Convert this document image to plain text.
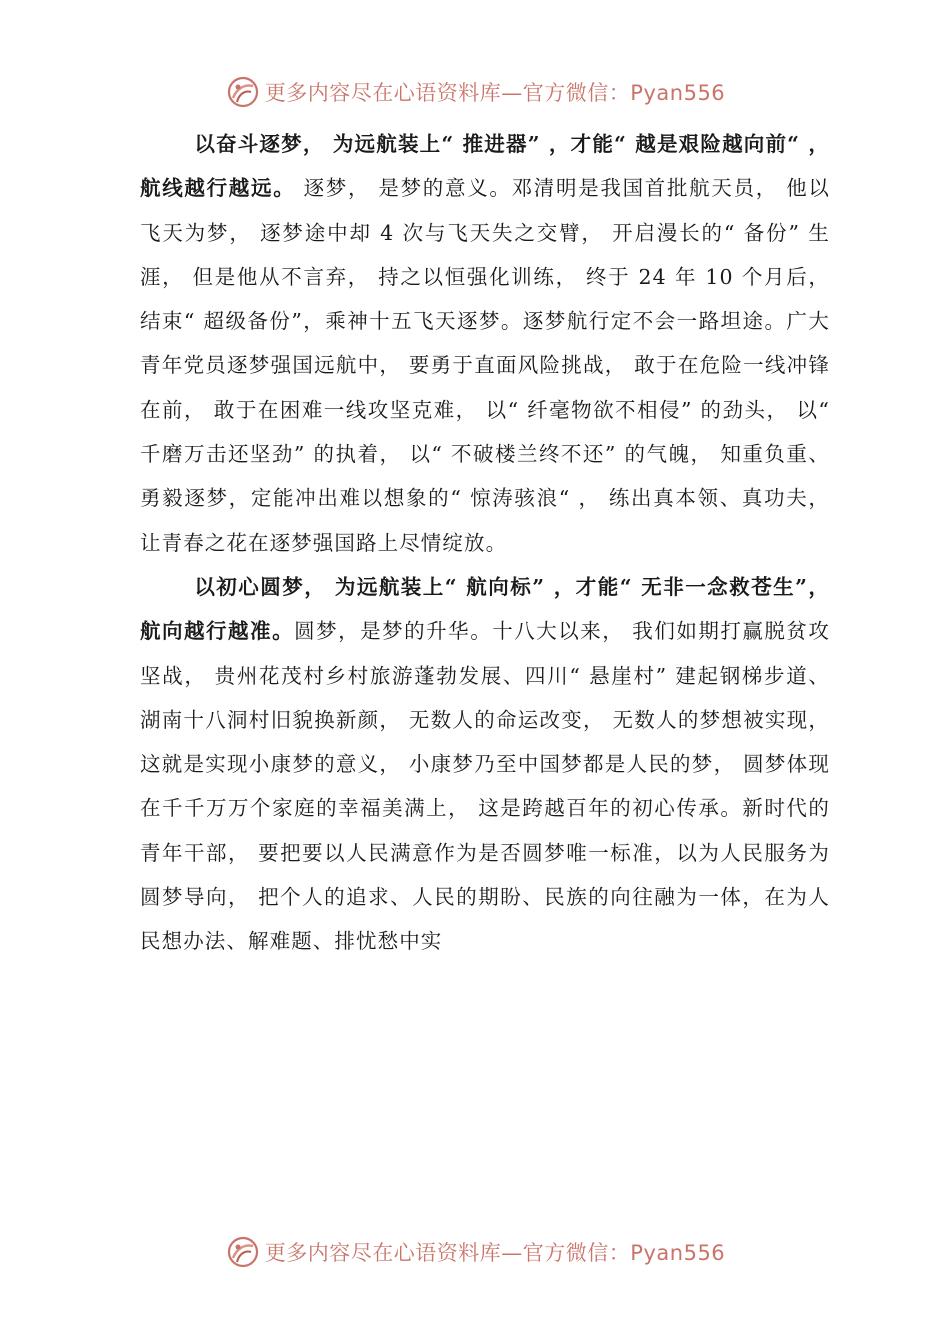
更多内容尽在心语资料库—官方微信：Pyan556

以奋斗逐梦， 为远航装上“ 推进器” ，才能“ 越是艰险越向前“ ， 航线越行越远。 逐梦， 是梦的意义。邓清明是我国首批航天员， 他以飞天为梦， 逐梦途中却 4 次与飞天失之交臂， 开启漫长的“ 备份” 生涯， 但是他从不言弃， 持之以恒强化训练， 终于 24 年 10 个月后， 结束“ 超级备份”，乘神十五飞天逐梦。逐梦航行定不会一路坦途。广大青年党员逐梦强国远航中， 要勇于直面风险挑战， 敢于在危险一线冲锋在前， 敢于在困难一线攻坚克难， 以“ 纤毫物欲不相侵” 的劲头， 以“ 千磨万击还坚劲” 的执着， 以“ 不破楼兰终不还” 的气魄， 知重负重、勇毅逐梦，定能冲出难以想象的“ 惊涛骇浪“ ， 练出真本领、真功夫， 让青春之花在逐梦强国路上尽情绽放。

以初心圆梦， 为远航装上“ 航向标” ，才能“ 无非一念救苍生”， 航向越行越准。圆梦，是梦的升华。十八大以来， 我们如期打赢脱贫攻坚战， 贵州花茂村乡村旅游蓬勃发展、四川“ 悬崖村” 建起钢梯步道、湖南十八洞村旧貌换新颜， 无数人的命运改变， 无数人的梦想被实现， 这就是实现小康梦的意义， 小康梦乃至中国梦都是人民的梦， 圆梦体现在千千万万个家庭的幸福美满上， 这是跨越百年的初心传承。新时代的青年干部， 要把要以人民满意作为是否圆梦唯一标准，以为人民服务为圆梦导向， 把个人的追求、人民的期盼、民族的向往融为一体，在为人民想办法、解难题、排忧愁中实

更多内容尽在心语资料库—官方微信：Pyan556
